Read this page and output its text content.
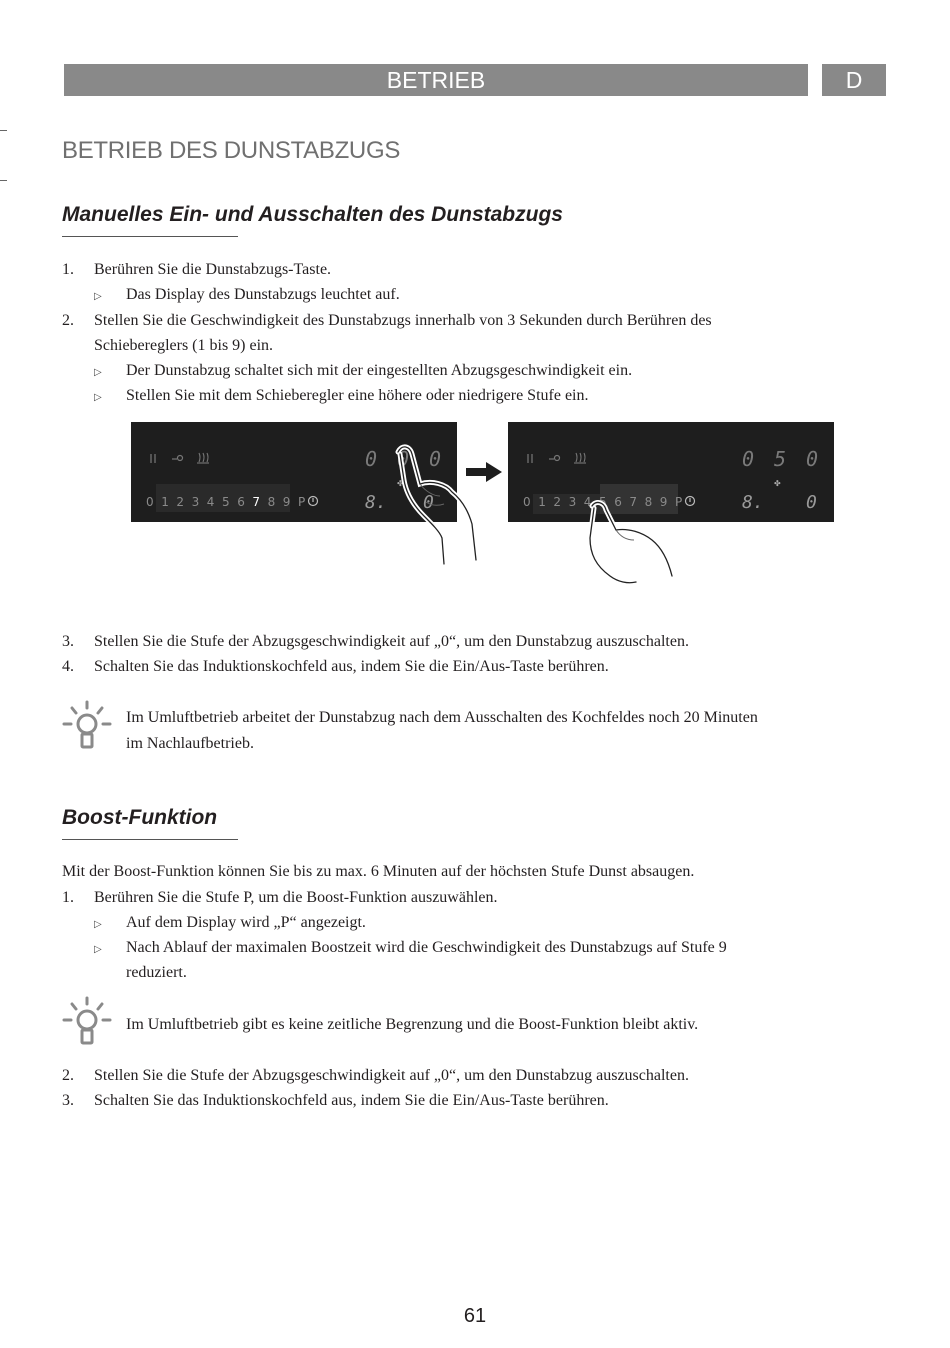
BETRIEB	D
BETRIEB DES DUNSTABZUGS
Manuelles Ein- und Ausschalten des Dunstabzugs
1. Berühren Sie die Dunstabzugs-Taste.
▷ Das Display des Dunstabzugs leuchtet auf.
2. Stellen Sie die Geschwindigkeit des Dunstabzugs innerhalb von 3 Sekunden durch Berühren des
Schiebereglers (1 bis 9) ein.
▷ Der Dunstabzug schaltet sich mit der eingestellten Abzugsgeschwindigkeit ein.
▷ Stellen Sie mit dem Schieberegler eine höhere oder niedrigere Stufe ein.
0 1 2 3 4 5 6 7 8 9 P
0 0 0
8. 0
✤
0 1 2 3 4 5 6 7 8 9 P
0 5 0
8. 0
✤
3. Stellen Sie die Stufe der Abzugsgeschwindigkeit auf „0“, um den Dunstabzug auszuschalten.
4. Schalten Sie das Induktionskochfeld aus, indem Sie die Ein/Aus-Taste berühren.
Im Umluftbetrieb arbeitet der Dunstabzug nach dem Ausschalten des Kochfeldes noch 20 Minuten
im Nachlaufbetrieb.
Boost-Funktion
Mit der Boost-Funktion können Sie bis zu max. 6 Minuten auf der höchsten Stufe Dunst absaugen.
1. Berühren Sie die Stufe P, um die Boost-Funktion auszuwählen.
▷ Auf dem Display wird „P“ angezeigt.
▷ Nach Ablauf der maximalen Boostzeit wird die Geschwindigkeit des Dunstabzugs auf Stufe 9
reduziert.
Im Umluftbetrieb gibt es keine zeitliche Begrenzung und die Boost-Funktion bleibt aktiv.
2. Stellen Sie die Stufe der Abzugsgeschwindigkeit auf „0“, um den Dunstabzug auszuschalten.
3. Schalten Sie das Induktionskochfeld aus, indem Sie die Ein/Aus-Taste berühren.
61
